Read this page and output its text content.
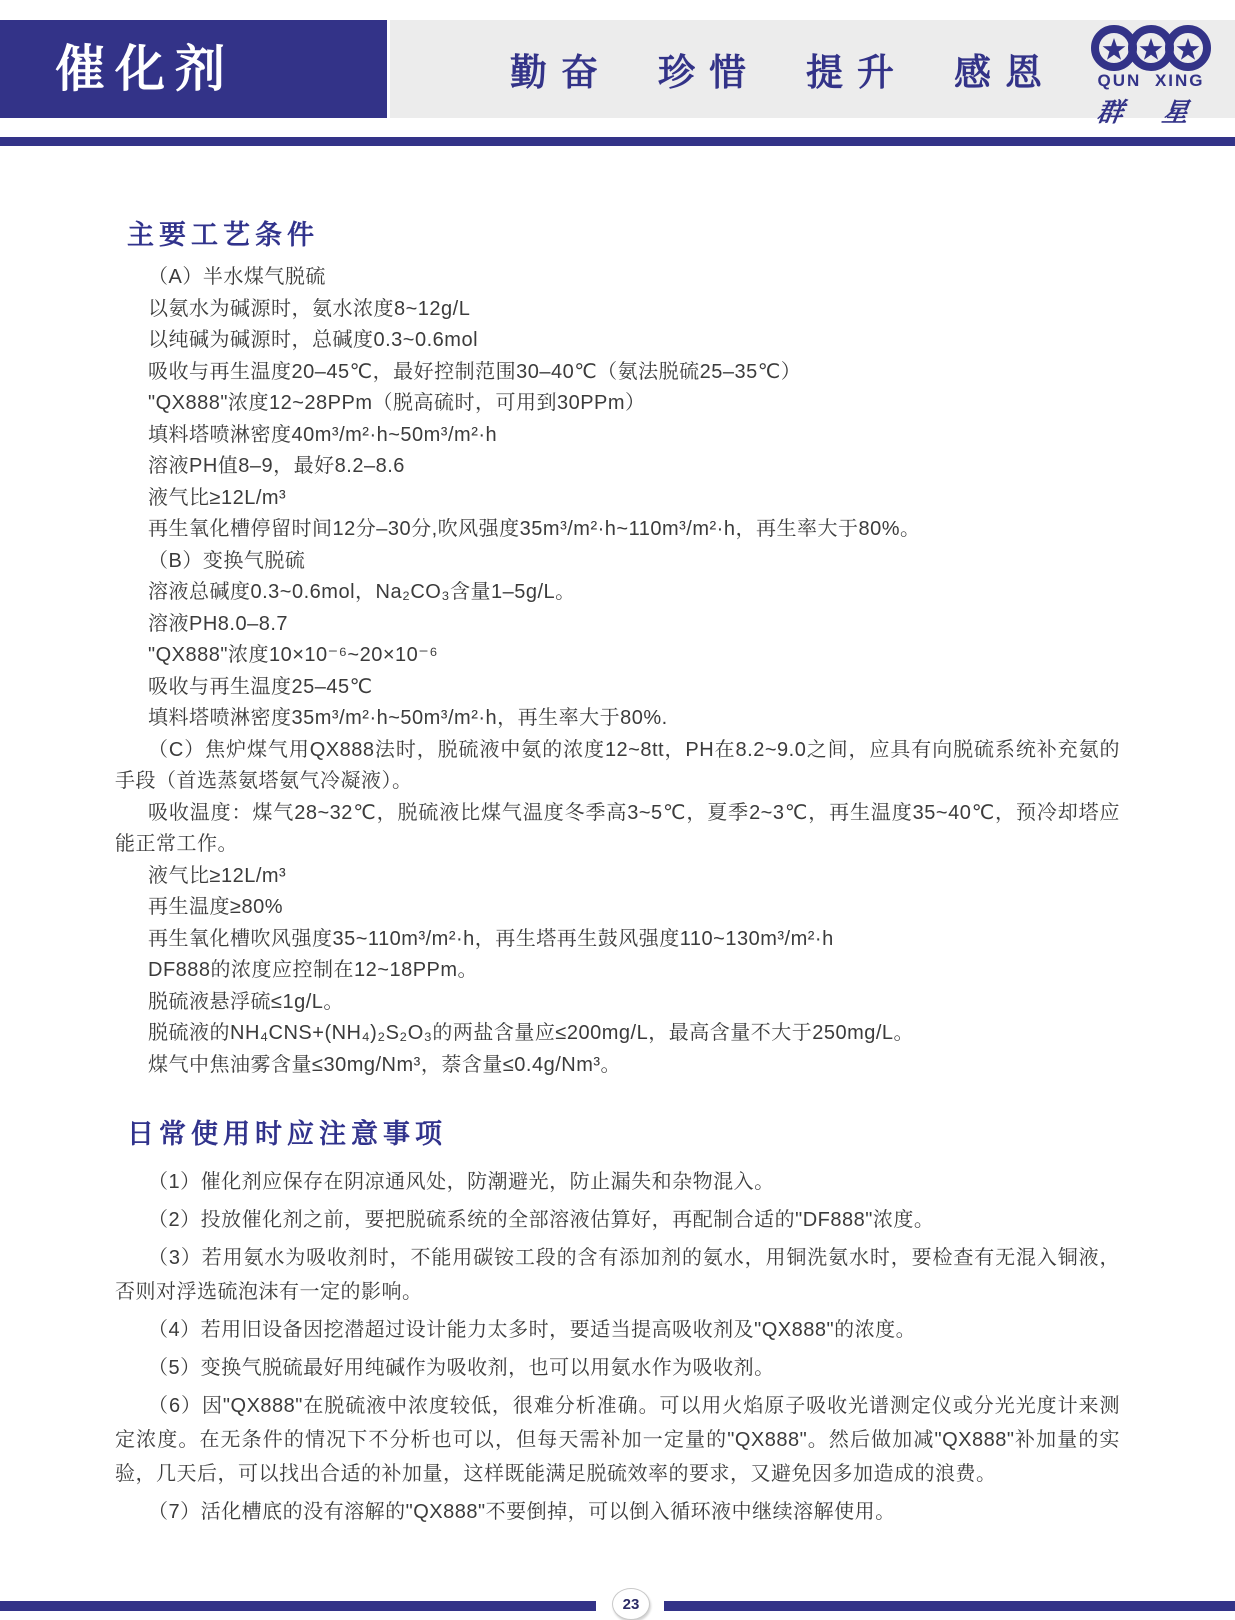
催化剂	勤奋 珍惜 提升 感恩	QUN XING
群 星
主要工艺条件

（A）半水煤气脱硫

以氨水为碱源时，氨水浓度8~12g/L

以纯碱为碱源时，总碱度0.3~0.6mol

吸收与再生温度20–45℃，最好控制范围30–40℃（氨法脱硫25–35℃）

"QX888"浓度12~28PPm（脱高硫时，可用到30PPm）

填料塔喷淋密度40m³/m²·h~50m³/m²·h

溶液PH值8–9，最好8.2–8.6

液气比≥12L/m³

再生氧化槽停留时间12分–30分,吹风强度35m³/m²·h~110m³/m²·h，再生率大于80%。

（B）变换气脱硫

溶液总碱度0.3~0.6mol，Na₂CO₃含量1–5g/L。

溶液PH8.0–8.7

"QX888"浓度10×10⁻⁶~20×10⁻⁶

吸收与再生温度25–45℃

填料塔喷淋密度35m³/m²·h~50m³/m²·h，再生率大于80%.

（C）焦炉煤气用QX888法时，脱硫液中氨的浓度12~8tt，PH在8.2~9.0之间，应具有向脱硫系统补充氨的手段（首选蒸氨塔氨气冷凝液）。

吸收温度：煤气28~32℃，脱硫液比煤气温度冬季高3~5℃，夏季2~3℃，再生温度35~40℃，预冷却塔应能正常工作。

液气比≥12L/m³

再生温度≥80%

再生氧化槽吹风强度35~110m³/m²·h，再生塔再生鼓风强度110~130m³/m²·h

DF888的浓度应控制在12~18PPm。

脱硫液悬浮硫≤1g/L。

脱硫液的NH₄CNS+(NH₄)₂S₂O₃的两盐含量应≤200mg/L，最高含量不大于250mg/L。

煤气中焦油雾含量≤30mg/Nm³，萘含量≤0.4g/Nm³。

日常使用时应注意事项

（1）催化剂应保存在阴凉通风处，防潮避光，防止漏失和杂物混入。

（2）投放催化剂之前，要把脱硫系统的全部溶液估算好，再配制合适的"DF888"浓度。

（3）若用氨水为吸收剂时，不能用碳铵工段的含有添加剂的氨水，用铜洗氨水时，要检查有无混入铜液，否则对浮选硫泡沫有一定的影响。

（4）若用旧设备因挖潜超过设计能力太多时，要适当提高吸收剂及"QX888"的浓度。

（5）变换气脱硫最好用纯碱作为吸收剂，也可以用氨水作为吸收剂。

（6）因"QX888"在脱硫液中浓度较低，很难分析准确。可以用火焰原子吸收光谱测定仪或分光光度计来测定浓度。在无条件的情况下不分析也可以，但每天需补加一定量的"QX888"。然后做加减"QX888"补加量的实验，几天后，可以找出合适的补加量，这样既能满足脱硫效率的要求，又避免因多加造成的浪费。

（7）活化槽底的没有溶解的"QX888"不要倒掉，可以倒入循环液中继续溶解使用。

23
